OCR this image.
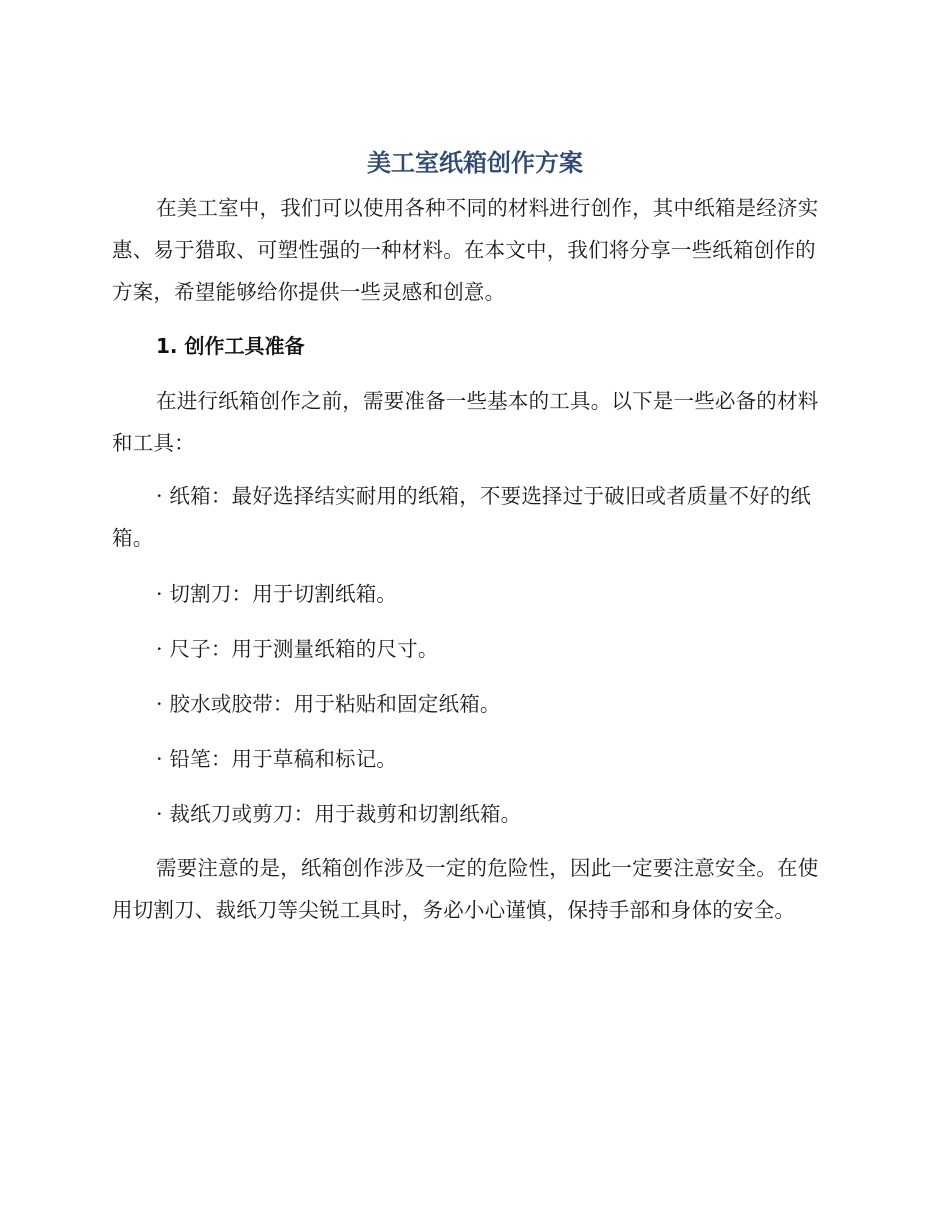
美工室纸箱创作方案

在美工室中，我们可以使用各种不同的材料进行创作，其中纸箱是经济实惠、易于猎取、可塑性强的一种材料。在本文中，我们将分享一些纸箱创作的方案，希望能够给你提供一些灵感和创意。

1. 创作工具准备

在进行纸箱创作之前，需要准备一些基本的工具。以下是一些必备的材料和工具：

· 纸箱：最好选择结实耐用的纸箱，不要选择过于破旧或者质量不好的纸箱。

· 切割刀：用于切割纸箱。

· 尺子：用于测量纸箱的尺寸。

· 胶水或胶带：用于粘贴和固定纸箱。

· 铅笔：用于草稿和标记。

· 裁纸刀或剪刀：用于裁剪和切割纸箱。

需要注意的是，纸箱创作涉及一定的危险性，因此一定要注意安全。在使用切割刀、裁纸刀等尖锐工具时，务必小心谨慎，保持手部和身体的安全。
